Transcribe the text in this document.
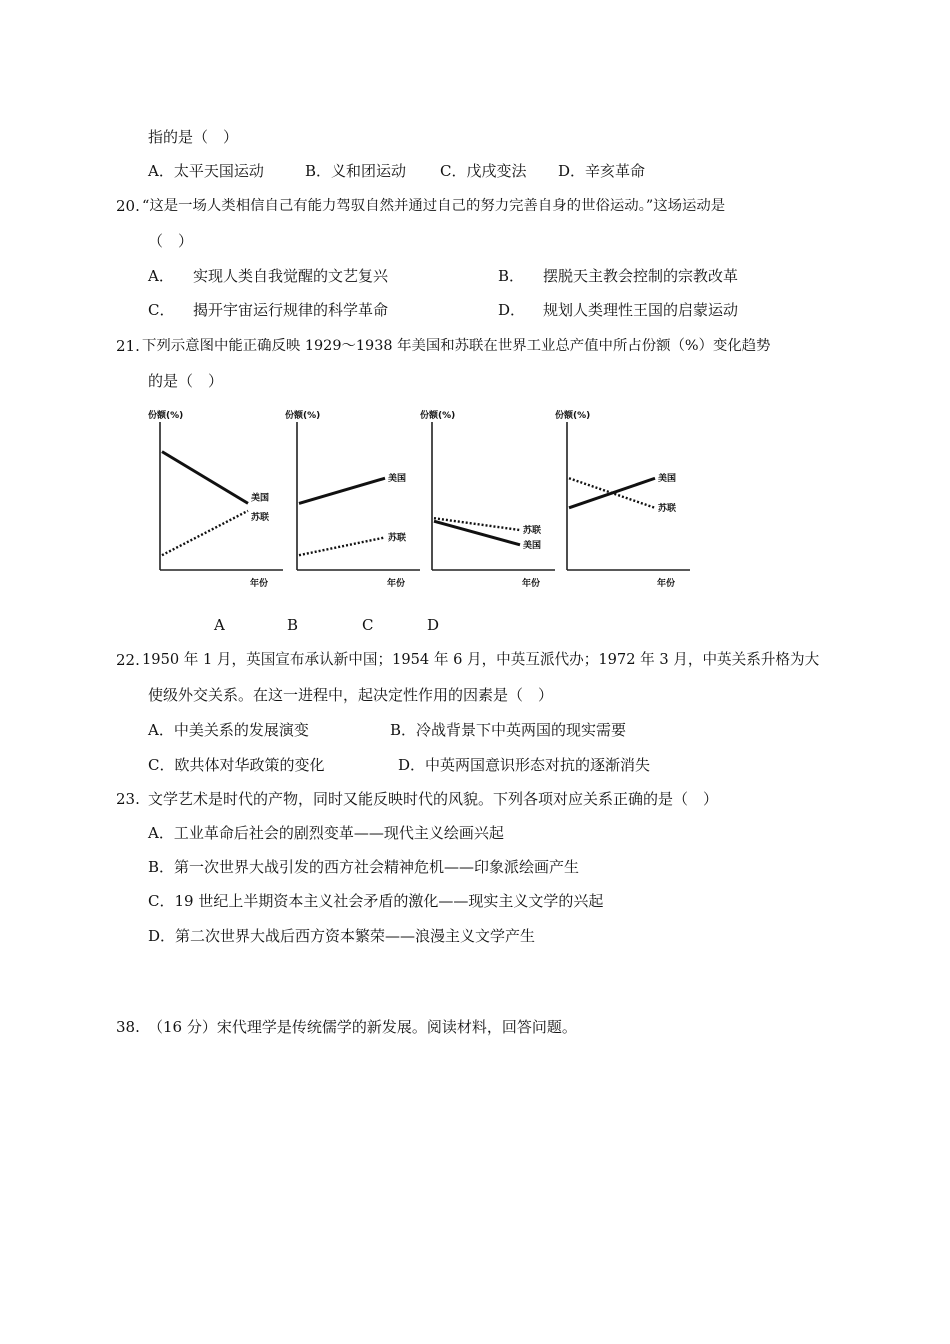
指的是（　）
A．太平天国运动	B．义和团运动 C．戊戌变法 D．辛亥革命
20. “这是一场人类相信自己有能力驾驭自然并通过自己的努力完善自身的世俗运动。”这场运动是
（　）
A． 实现人类自我觉醒的文艺复兴	B． 摆脱天主教会控制的宗教改革
C． 揭开宇宙运行规律的科学革命	D． 规划人类理性王国的启蒙运动
21. 下列示意图中能正确反映 1929～1938 年美国和苏联在世界工业总产值中所占份额（%）变化趋势
的是（　）
份额(%)
美国
苏联
年份
份额(%)
美国
苏联
年份
份额(%)
苏联
美国
年份
份额(%)
美国
苏联
年份
A	B	C	D
22. 1950 年 1 月，英国宣布承认新中国；1954 年 6 月，中英互派代办；1972 年 3 月，中英关系升格为大
使级外交关系。在这一进程中，起决定性作用的因素是（　）
A．中美关系的发展演变	B．冷战背景下中英两国的现实需要
C．欧共体对华政策的变化	D．中英两国意识形态对抗的逐渐消失
23. 文学艺术是时代的产物，同时又能反映时代的风貌。下列各项对应关系正确的是（　）
A．工业革命后社会的剧烈变革——现代主义绘画兴起
B．第一次世界大战引发的西方社会精神危机——印象派绘画产生
C．19 世纪上半期资本主义社会矛盾的激化——现实主义文学的兴起
D．第二次世界大战后西方资本繁荣——浪漫主义文学产生
38. （16 分）宋代理学是传统儒学的新发展。阅读材料，回答问题。
